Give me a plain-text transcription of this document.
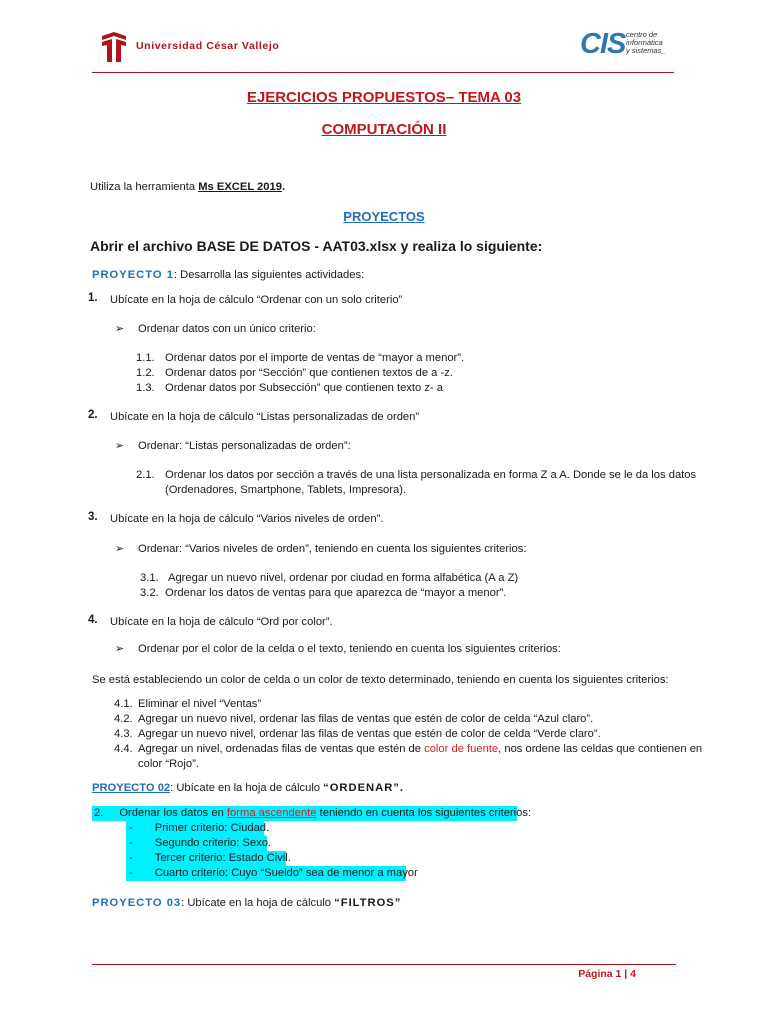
Universidad César Vallejo	CIS centro de
informática
y sistemas_
EJERCICIOS PROPUESTOS– TEMA 03
COMPUTACIÓN II
Utiliza la herramienta Ms EXCEL 2019.
PROYECTOS
Abrir el archivo BASE DE DATOS - AAT03.xlsx y realiza lo siguiente:
PROYECTO 1: Desarrolla las siguientes actividades:
1. Ubícate en la hoja de cálculo “Ordenar con un solo criterio”
➢ Ordenar datos con un único criterio:
1.1. Ordenar datos por el importe de ventas de “mayor a menor”.
1.2. Ordenar datos por “Sección” que contienen textos de a -z.
1.3. Ordenar datos por Subsección” que contienen texto z- a
2. Ubícate en la hoja de cálculo “Listas personalizadas de orden”
➢ Ordenar: “Listas personalizadas de orden”:
2.1. Ordenar los datos por sección a través de una lista personalizada en forma Z a A. Donde se le da los datos
(Ordenadores, Smartphone, Tablets, Impresora).
3. Ubícate en la hoja de cálculo “Varios niveles de orden”.
➢ Ordenar: “Varios niveles de orden”, teniendo en cuenta los siguientes criterios:
3.1. Agregar un nuevo nivel, ordenar por ciudad en forma alfabética (A a Z)
3.2. Ordenar los datos de ventas para que aparezca de “mayor a menor”.
4. Ubícate en la hoja de cálculo “Ord por color”.
➢ Ordenar por el color de la celda o el texto, teniendo en cuenta los siguientes criterios:
Se está estableciendo un color de celda o un color de texto determinado, teniendo en cuenta los siguientes criterios:
4.1. Eliminar el nivel “Ventas”
4.2. Agregar un nuevo nivel, ordenar las filas de ventas que estén de color de celda “Azul claro”.
4.3. Agregar un nuevo nivel, ordenar las filas de ventas que estén de color de celda “Verde claro”.
4.4. Agregar un nivel, ordenadas filas de ventas que estén de color de fuente, nos ordene las celdas que contienen en
color “Rojo”.
PROYECTO 02: Ubícate en la hoja de cálculo “ORDENAR”.
2. Ordenar los datos en forma ascendente teniendo en cuenta los siguientes criterios:
- Primer criterio: Ciudad.
- Segundo criterio: Sexo.
- Tercer criterio: Estado Civil.
- Cuarto criterio: Cuyo “Sueldo” sea de menor a mayor
PROYECTO 03: Ubícate en la hoja de cálculo “FILTROS”
Página 1 | 4
